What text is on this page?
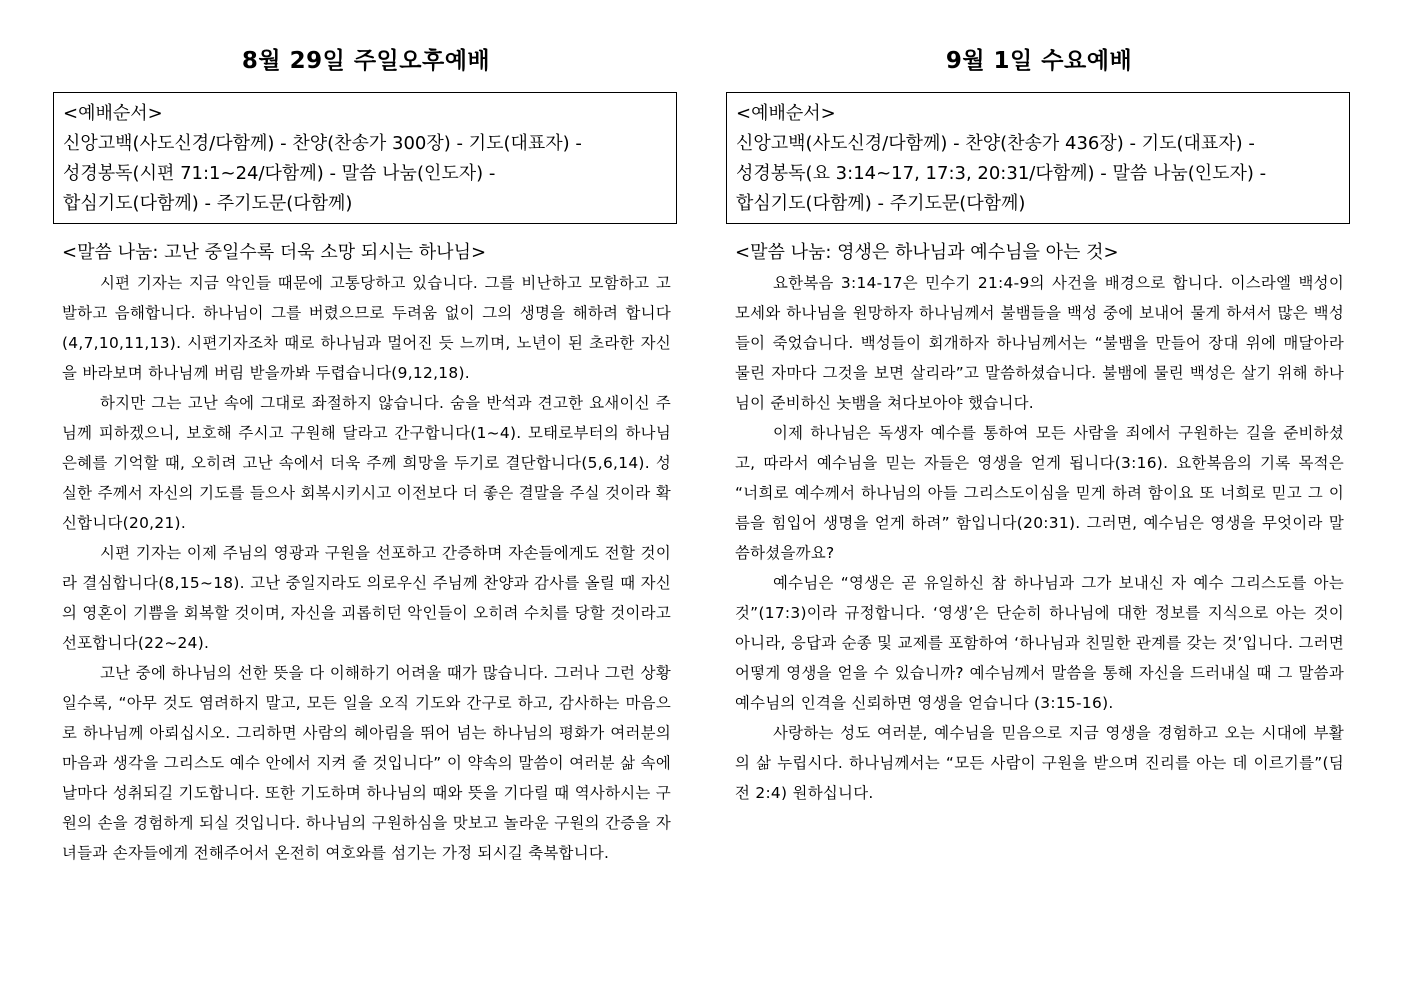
8월 29일 주일오후예배
<예배순서>
신앙고백(사도신경/다함께) - 찬양(찬송가 300장) - 기도(대표자) -
성경봉독(시편 71:1~24/다함께) - 말씀 나눔(인도자) -
합심기도(다함께) - 주기도문(다함께)
<말씀 나눔: 고난 중일수록 더욱 소망 되시는 하나님>

시편 기자는 지금 악인들 때문에 고통당하고 있습니다. 그를 비난하고 모함하고 고발하고 음해합니다. 하나님이 그를 버렸으므로 두려움 없이 그의 생명을 해하려 합니다(4,7,10,11,13). 시편기자조차 때로 하나님과 멀어진 듯 느끼며, 노년이 된 초라한 자신을 바라보며 하나님께 버림 받을까봐 두렵습니다(9,12,18).

하지만 그는 고난 속에 그대로 좌절하지 않습니다. 숨을 반석과 견고한 요새이신 주님께 피하겠으니, 보호해 주시고 구원해 달라고 간구합니다(1~4). 모태로부터의 하나님 은혜를 기억할 때, 오히려 고난 속에서 더욱 주께 희망을 두기로 결단합니다(5,6,14). 성실한 주께서 자신의 기도를 들으사 회복시키시고 이전보다 더 좋은 결말을 주실 것이라 확신합니다(20,21).

시편 기자는 이제 주님의 영광과 구원을 선포하고 간증하며 자손들에게도 전할 것이라 결심합니다(8,15~18). 고난 중일지라도 의로우신 주님께 찬양과 감사를 올릴 때 자신의 영혼이 기쁨을 회복할 것이며, 자신을 괴롭히던 악인들이 오히려 수치를 당할 것이라고 선포합니다(22~24).

고난 중에 하나님의 선한 뜻을 다 이해하기 어려울 때가 많습니다. 그러나 그런 상황일수록, “아무 것도 염려하지 말고, 모든 일을 오직 기도와 간구로 하고, 감사하는 마음으로 하나님께 아뢰십시오. 그리하면 사람의 헤아림을 뛰어 넘는 하나님의 평화가 여러분의 마음과 생각을 그리스도 예수 안에서 지켜 줄 것입니다” 이 약속의 말씀이 여러분 삶 속에 날마다 성취되길 기도합니다. 또한 기도하며 하나님의 때와 뜻을 기다릴 때 역사하시는 구원의 손을 경험하게 되실 것입니다. 하나님의 구원하심을 맛보고 놀라운 구원의 간증을 자녀들과 손자들에게 전해주어서 온전히 여호와를 섬기는 가정 되시길 축복합니다.

9월 1일 수요예배
<예배순서>
신앙고백(사도신경/다함께) - 찬양(찬송가 436장) - 기도(대표자) -
성경봉독(요 3:14~17, 17:3, 20:31/다함께) - 말씀 나눔(인도자) -
합심기도(다함께) - 주기도문(다함께)
<말씀 나눔: 영생은 하나님과 예수님을 아는 것>

요한복음 3:14-17은 민수기 21:4-9의 사건을 배경으로 합니다. 이스라엘 백성이 모세와 하나님을 원망하자 하나님께서 불뱀들을 백성 중에 보내어 물게 하셔서 많은 백성들이 죽었습니다. 백성들이 회개하자 하나님께서는 “불뱀을 만들어 장대 위에 매달아라 물린 자마다 그것을 보면 살리라”고 말씀하셨습니다. 불뱀에 물린 백성은 살기 위해 하나님이 준비하신 놋뱀을 쳐다보아야 했습니다.

이제 하나님은 독생자 예수를 통하여 모든 사람을 죄에서 구원하는 길을 준비하셨고, 따라서 예수님을 믿는 자들은 영생을 얻게 됩니다(3:16). 요한복음의 기록 목적은 “너희로 예수께서 하나님의 아들 그리스도이심을 믿게 하려 함이요 또 너희로 믿고 그 이름을 힘입어 생명을 얻게 하려” 함입니다(20:31). 그러면, 예수님은 영생을 무엇이라 말씀하셨을까요?

예수님은 “영생은 곧 유일하신 참 하나님과 그가 보내신 자 예수 그리스도를 아는 것”(17:3)이라 규정합니다. ‘영생’은 단순히 하나님에 대한 정보를 지식으로 아는 것이 아니라, 응답과 순종 및 교제를 포함하여 ‘하나님과 친밀한 관계를 갖는 것’입니다. 그러면 어떻게 영생을 얻을 수 있습니까? 예수님께서 말씀을 통해 자신을 드러내실 때 그 말씀과 예수님의 인격을 신뢰하면 영생을 얻습니다 (3:15-16).

사랑하는 성도 여러분, 예수님을 믿음으로 지금 영생을 경험하고 오는 시대에 부활의 삶 누립시다. 하나님께서는 “모든 사람이 구원을 받으며 진리를 아는 데 이르기를”(딤전 2:4) 원하십니다.
